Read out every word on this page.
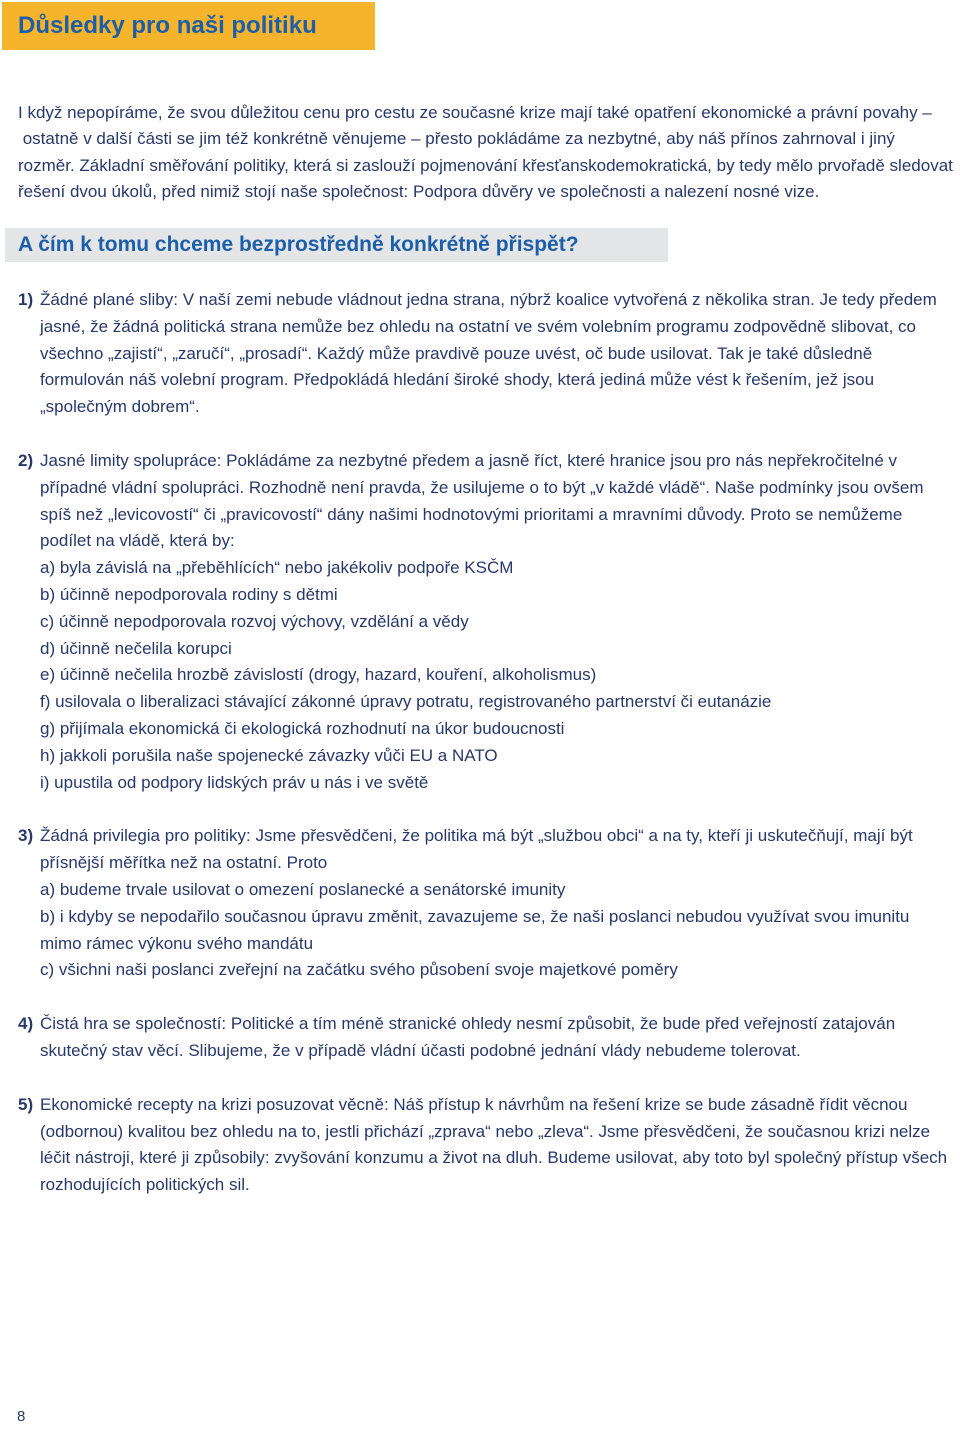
Důsledky pro naši politiku

I když nepopíráme, že svou důležitou cenu pro cestu ze současné krize mají také opatření ekonomické a právní povahy – ostatně v další části se jim též konkrétně věnujeme – přesto pokládáme za nezbytné, aby náš přínos zahrnoval i jiný rozměr. Základní směřování politiky, která si zaslouží pojmenování křesťanskodemokratická, by tedy mělo prvořadě sledovat řešení dvou úkolů, před nimiž stojí naše společnost: Podpora důvěry ve společnosti a nalezení nosné vize.

A čím k tomu chceme bezprostředně konkrétně přispět?
1) Žádné plané sliby: V naší zemi nebude vládnout jedna strana, nýbrž koalice vytvořená z několika stran. Je tedy předem jasné, že žádná politická strana nemůže bez ohledu na ostatní ve svém volebním programu zodpovědně slibovat, co všechno „zajistí“, „zaručí“, „prosadí“. Každý může pravdivě pouze uvést, oč bude usilovat. Tak je také důsledně formulován náš volební program. Předpokládá hledání široké shody, která jediná může vést k řešením, jež jsou „společným dobrem“.
2) Jasné limity spolupráce: Pokládáme za nezbytné předem a jasně říct, které hranice jsou pro nás nepřekročitelné v případné vládní spolupráci. Rozhodně není pravda, že usilujeme o to být „v každé vládě“. Naše podmínky jsou ovšem spíš než „levicovostí“ či „pravicovostí“ dány našimi hodnotovými prioritami a mravními důvody. Proto se nemůžeme podílet na vládě, která by:
a) byla závislá na „přeběhlících“ nebo jakékoliv podpoře KSČM
b) účinně nepodporovala rodiny s dětmi
c) účinně nepodporovala rozvoj výchovy, vzdělání a vědy
d) účinně nečelila korupci
e) účinně nečelila hrozbě závislostí (drogy, hazard, kouření, alkoholismus)
f) usilovala o liberalizaci stávající zákonné úpravy potratu, registrovaného partnerství či eutanázie
g) přijímala ekonomická či ekologická rozhodnutí na úkor budoucnosti
h) jakkoli porušila naše spojenecké závazky vůči EU a NATO
i) upustila od podpory lidských práv u nás i ve světě
3) Žádná privilegia pro politiky: Jsme přesvědčeni, že politika má být „službou obci“ a na ty, kteří ji uskutečňují, mají být přísnější měřítka než na ostatní. Proto
a) budeme trvale usilovat o omezení poslanecké a senátorské imunity
b) i kdyby se nepodařilo současnou úpravu změnit, zavazujeme se, že naši poslanci nebudou využívat svou imunitu mimo rámec výkonu svého mandátu
c) všichni naši poslanci zveřejní na začátku svého působení svoje majetkové poměry
4) Čistá hra se společností: Politické a tím méně stranické ohledy nesmí způsobit, že bude před veřejností zatajován skutečný stav věcí. Slibujeme, že v případě vládní účasti podobné jednání vlády nebudeme tolerovat.
5) Ekonomické recepty na krizi posuzovat věcně: Náš přístup k návrhům na řešení krize se bude zásadně řídit věcnou (odbornou) kvalitou bez ohledu na to, jestli přichází „zprava“ nebo „zleva“. Jsme přesvědčeni, že současnou krizi nelze léčit nástroji, které ji způsobily: zvyšování konzumu a život na dluh. Budeme usilovat, aby toto byl společný přístup všech rozhodujících politických sil.
8
